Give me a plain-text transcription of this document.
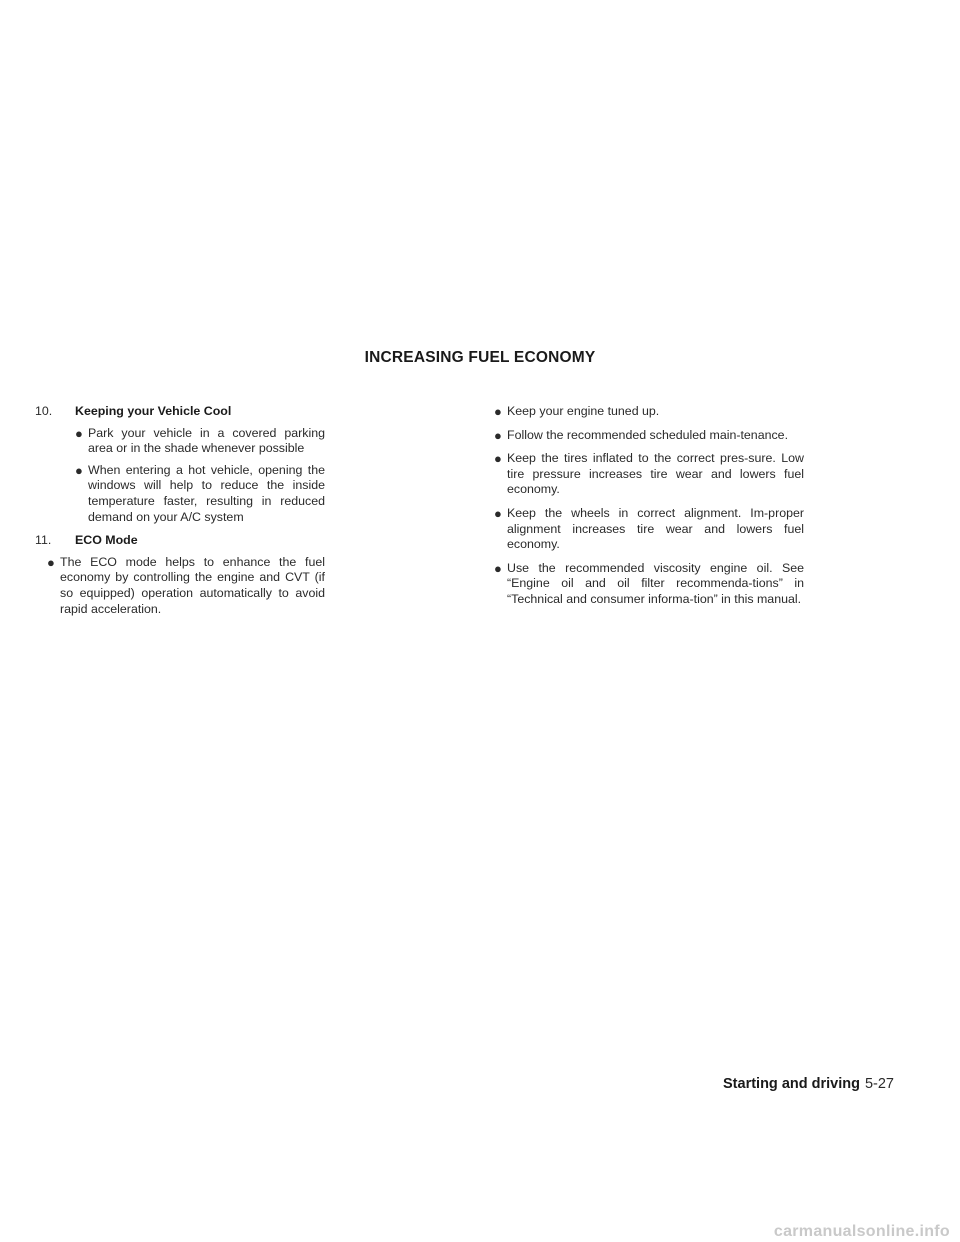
INCREASING FUEL ECONOMY
10. Keeping your Vehicle Cool
● Park your vehicle in a covered parking area or in the shade whenever possible
● When entering a hot vehicle, opening the windows will help to reduce the inside temperature faster, resulting in reduced demand on your A/C system
11. ECO Mode
● The ECO mode helps to enhance the fuel economy by controlling the engine and CVT (if so equipped) operation automatically to avoid rapid acceleration.
● Keep your engine tuned up.
● Follow the recommended scheduled main-tenance.
● Keep the tires inflated to the correct pres-sure. Low tire pressure increases tire wear and lowers fuel economy.
● Keep the wheels in correct alignment. Im-proper alignment increases tire wear and lowers fuel economy.
● Use the recommended viscosity engine oil. See “Engine oil and oil filter recommenda-tions” in “Technical and consumer informa-tion” in this manual.
Starting and driving 5-27
carmanualsonline.info
